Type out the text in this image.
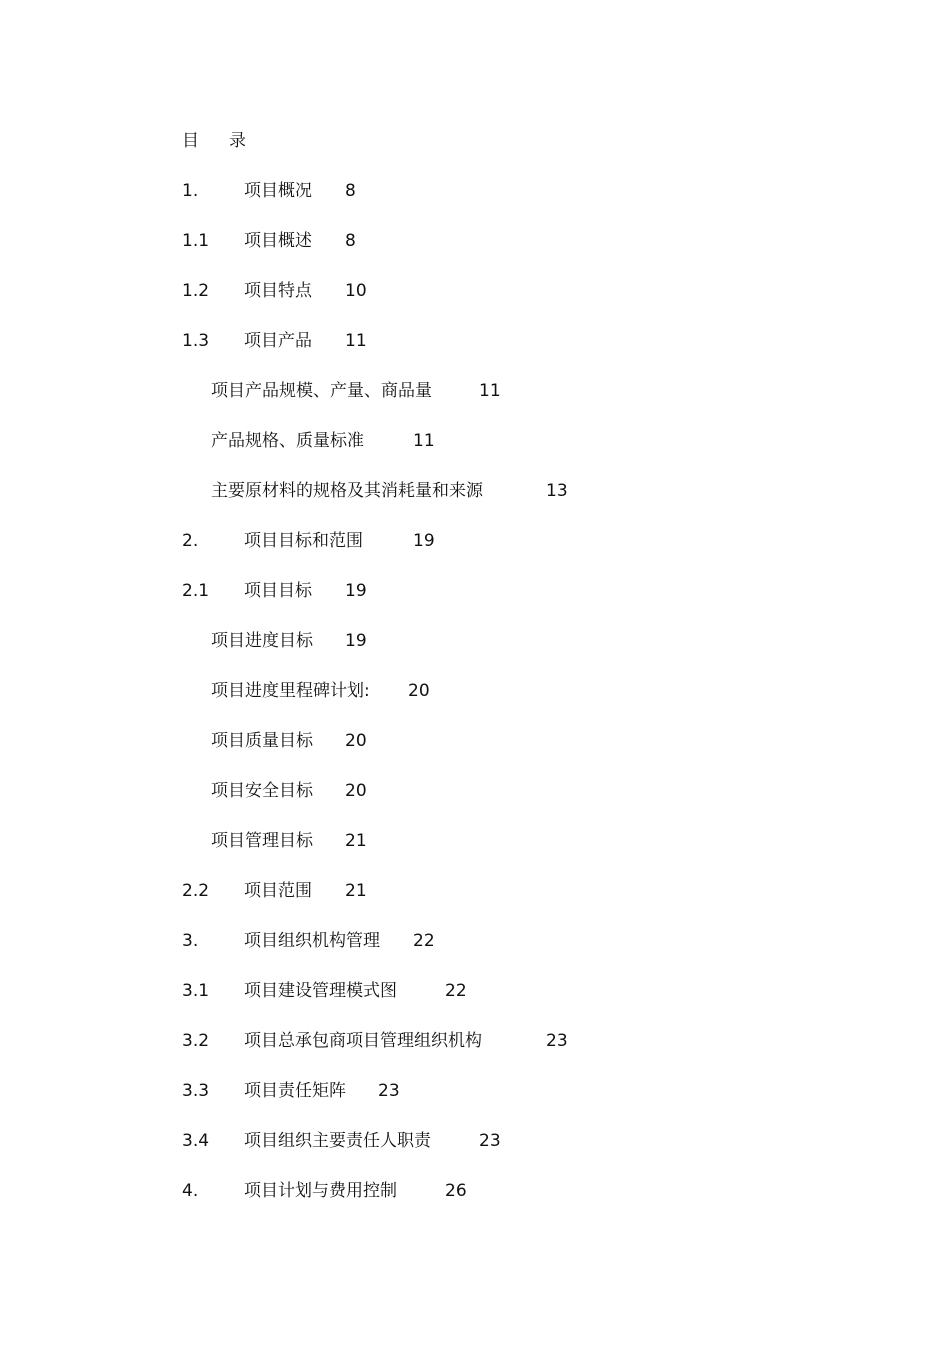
目 录
1.	项目概况 8
1.1 项目概述 8
1.2 项目特点 10
1.3 项目产品 11
项目产品规模、产量、商品量	11
产品规格、质量标准	11
主要原材料的规格及其消耗量和来源	13
2.	项目目标和范围	19
2.1 项目目标 19
项目进度目标 19
项目进度里程碑计划: 20
项目质量目标 20
项目安全目标 20
项目管理目标 21
2.2 项目范围 21
3.	项目组织机构管理 22
3.1 项目建设管理模式图	22
3.2 项目总承包商项目管理组织机构	23
3.3 项目责任矩阵 23
3.4 项目组织主要责任人职责	23
4.	项目计划与费用控制	26
